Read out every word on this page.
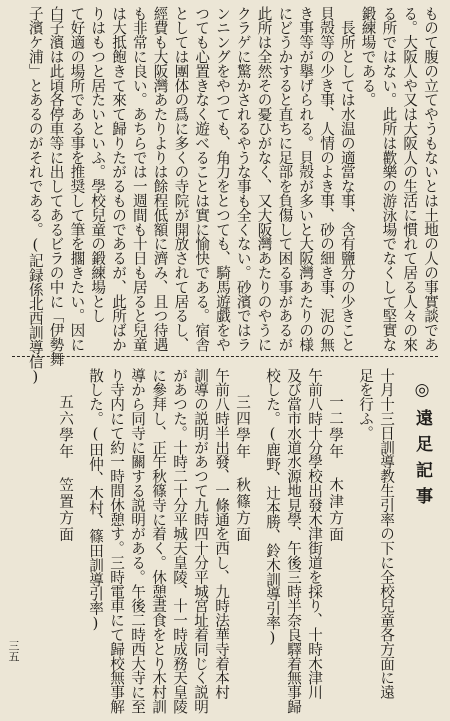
ものて腹の立てやうもないとは土地の人の事實談であ
る。大阪人や又は大阪人の生活に慣れて居る人々の來
る所ではない。此所は歡樂の游泳場でなくして堅實な
鍛練場である。
　長所としては水温の適當な事、含有鹽分の少きこと
貝殻等の少き事、人情のよき事、砂の細き事、泥の無
き事等が擧げられる。貝殻が多いと大阪灣あたりの様
にどうかすると直ちに足部を負傷して困る事があるが
此所は全然その憂ひがなく、又大阪灣あたりのやうに
クラゲに驚かされるやうな事も全くない。砂濱ではラ
ンニングをやつても、角力をとつても、騎馬遊戯をや
つても心置きなく遊べることは實に愉快である。宿舎
としては團体の爲に多くの寺院が開放されて居るし、
經費も大阪灣あたりよりは餘程低額に濟み、且つ待遇
も非常に良い。あちらでは一週間も十日も居ると兒童
は大抵飽きて來て歸りたがるものであるが、此所ばか
りはもつと居たいといふ。學校兒童の鍛練場とし
て好適の場所である事を推奨して筆を擱きたい。因に
白子濱は此頃各停車等に出してあるビラの中に「伊勢舞
子濱ケ浦」とあるのがそれである。(記録係北西訓導信)
◎遠足記事
十月十三日訓導教生引率の下に全校兒童各方面に遠
足を行ふ。
一二學年　木津方面
午前八時十分學校出發木津街道を採り、十時木津川
及び當市水道水源地見學、午後三時半奈良驛着無事歸
校した。(鹿野、辻本勝、鈴木訓導引率)
三四學年　秋篠方面
午前八時半出發、一條通を西し、九時法華寺着本村
訓導の説明があつて九時四十分平城宮址着同じく説明
があつた。十時二十分平城天皇陵、十一時成務天皇陵
に參拜し、正午秋篠寺に着く。休憩晝食をとり木村訓
導から同寺に關する説明がある。午後二時西大寺に至
り寺内にて約一時間休憩す。三時電車にて歸校無事解
散した。(田仲、木村、篠田訓導引率)
五六學年　笠置方面
三五
